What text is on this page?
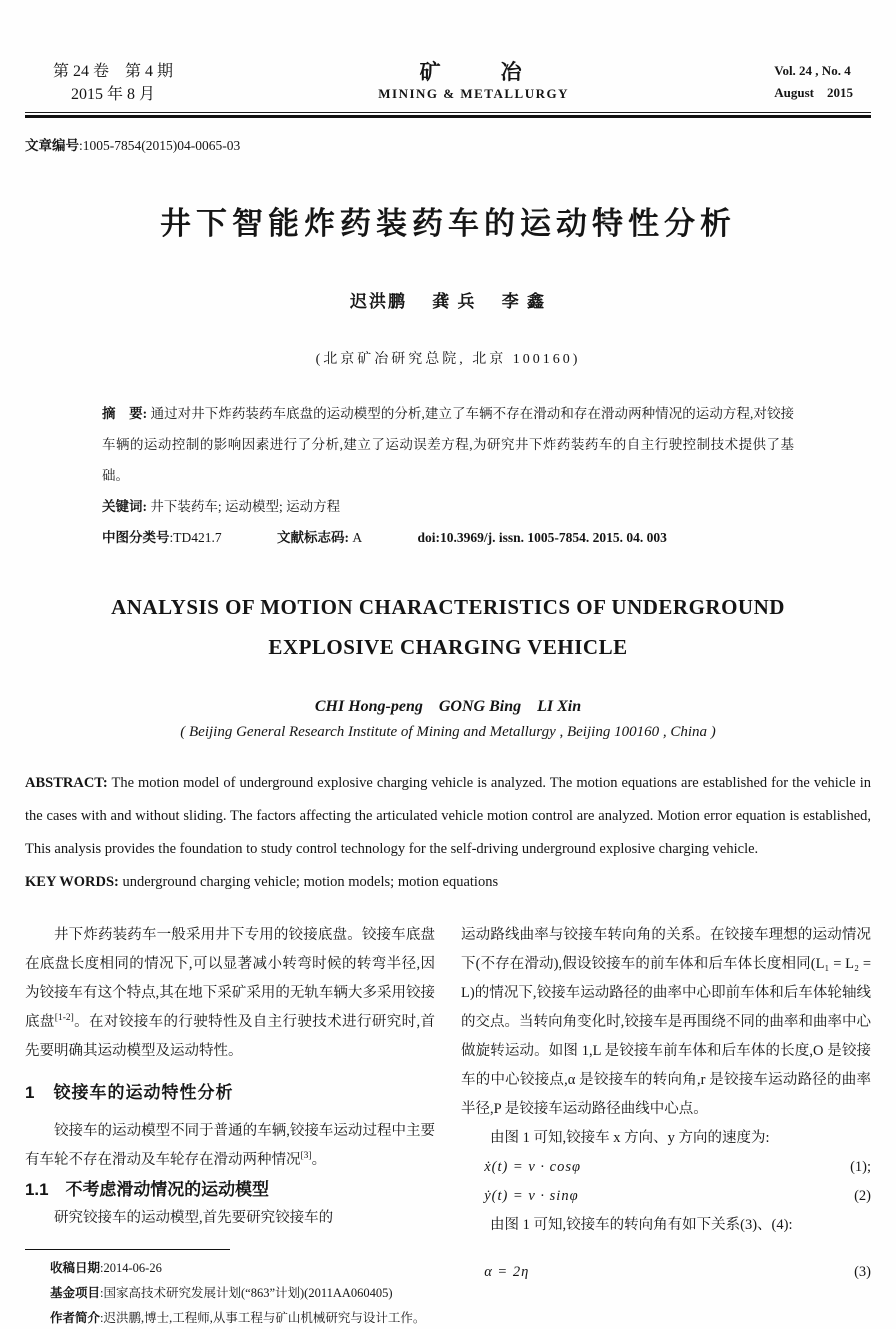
第 24 卷　第 4 期
2015 年 8 月
矿　　冶
MINING & METALLURGY
Vol. 24 , No. 4
August　2015
文章编号:1005-7854(2015)04-0065-03
井下智能炸药装药车的运动特性分析
迟洪鹏　 龚 兵　 李 鑫
(北京矿冶研究总院, 北京 100160)
摘　要: 通过对井下炸药装药车底盘的运动模型的分析,建立了车辆不存在滑动和存在滑动两种情况的运动方程,对铰接车辆的运动控制的影响因素进行了分析,建立了运动误差方程,为研究井下炸药装药车的自主行驶控制技术提供了基础。
关键词: 井下装药车; 运动模型; 运动方程
中图分类号:TD421.7	文献标志码: A	doi:10.3969/j. issn. 1005-7854. 2015. 04. 003
ANALYSIS OF MOTION CHARACTERISTICS OF UNDERGROUND
EXPLOSIVE CHARGING VEHICLE
CHI Hong-peng　GONG Bing　LI Xin
( Beijing General Research Institute of Mining and Metallurgy , Beijing 100160 , China )
ABSTRACT: The motion model of underground explosive charging vehicle is analyzed. The motion equations are established for the vehicle in the cases with and without sliding. The factors affecting the articulated vehicle motion control are analyzed. Motion error equation is established, This analysis provides the foundation to study control technology for the self-driving underground explosive charging vehicle.
KEY WORDS: underground charging vehicle; motion models; motion equations

井下炸药装药车一般采用井下专用的铰接底盘。铰接车底盘在底盘长度相同的情况下,可以显著减小转弯时候的转弯半径,因为铰接车有这个特点,其在地下采矿采用的无轨车辆大多采用铰接底盘[1-2]。在对铰接车的行驶特性及自主行驶技术进行研究时,首先要明确其运动模型及运动特性。

1　铰接车的运动特性分析

铰接车的运动模型不同于普通的车辆,铰接车运动过程中主要有车轮不存在滑动及车轮存在滑动两种情况[3]。

1.1　不考虑滑动情况的运动模型

研究铰接车的运动模型,首先要研究铰接车的

收稿日期:2014-06-26

基金项目:国家高技术研究发展计划(“863”计划)(2011AA060405)

作者简介:迟洪鹏,博士,工程师,从事工程与矿山机械研究与设计工作。

运动路线曲率与铰接车转向角的关系。在铰接车理想的运动情况下(不存在滑动),假设铰接车的前车体和后车体长度相同(L₁ = L₂ = L)的情况下,铰接车运动路径的曲率中心即前车体和后车体轮轴线的交点。当转向角变化时,铰接车是再围绕不同的曲率和曲率中心做旋转运动。如图 1,L 是铰接车前车体和后车体的长度,O 是铰接车的中心铰接点,α 是铰接车的转向角,r 是铰接车运动路径的曲率半径,P 是铰接车运动路径曲线中心点。

由图 1 可知,铰接车 x 方向、y 方向的速度为:

ẋ(t) = v · cosφ	(1);
ẏ(t) = v · sinφ	(2)

由图 1 可知,铰接车的转向角有如下关系(3)、(4):

α = 2η	(3)
